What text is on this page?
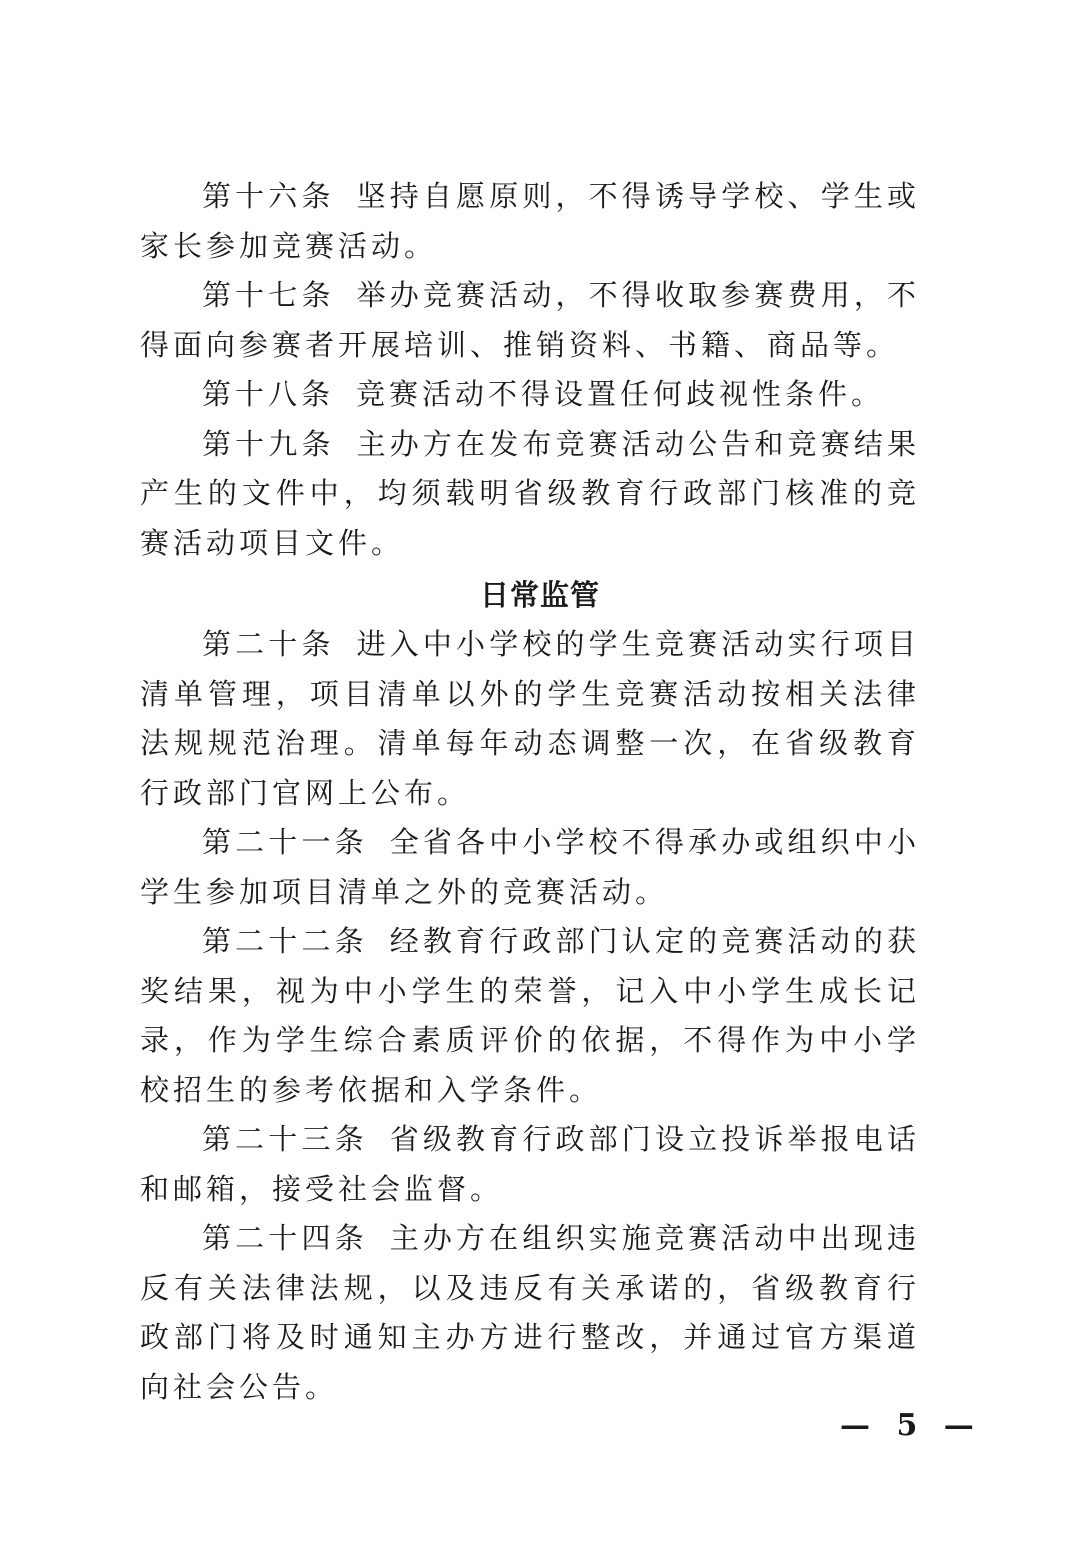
第十六条 坚持自愿原则，不得诱导学校、学生或家长参加竞赛活动。

第十七条 举办竞赛活动，不得收取参赛费用，不得面向参赛者开展培训、推销资料、书籍、商品等。

第十八条 竞赛活动不得设置任何歧视性条件。

第十九条 主办方在发布竞赛活动公告和竞赛结果产生的文件中，均须载明省级教育行政部门核准的竞赛活动项目文件。

日常监管

第二十条 进入中小学校的学生竞赛活动实行项目清单管理，项目清单以外的学生竞赛活动按相关法律法规规范治理。清单每年动态调整一次，在省级教育行政部门官网上公布。

第二十一条 全省各中小学校不得承办或组织中小学生参加项目清单之外的竞赛活动。

第二十二条 经教育行政部门认定的竞赛活动的获奖结果，视为中小学生的荣誉，记入中小学生成长记录，作为学生综合素质评价的依据，不得作为中小学校招生的参考依据和入学条件。

第二十三条 省级教育行政部门设立投诉举报电话和邮箱，接受社会监督。

第二十四条 主办方在组织实施竞赛活动中出现违反有关法律法规，以及违反有关承诺的，省级教育行政部门将及时通知主办方进行整改，并通过官方渠道向社会公告。

— 5 —
